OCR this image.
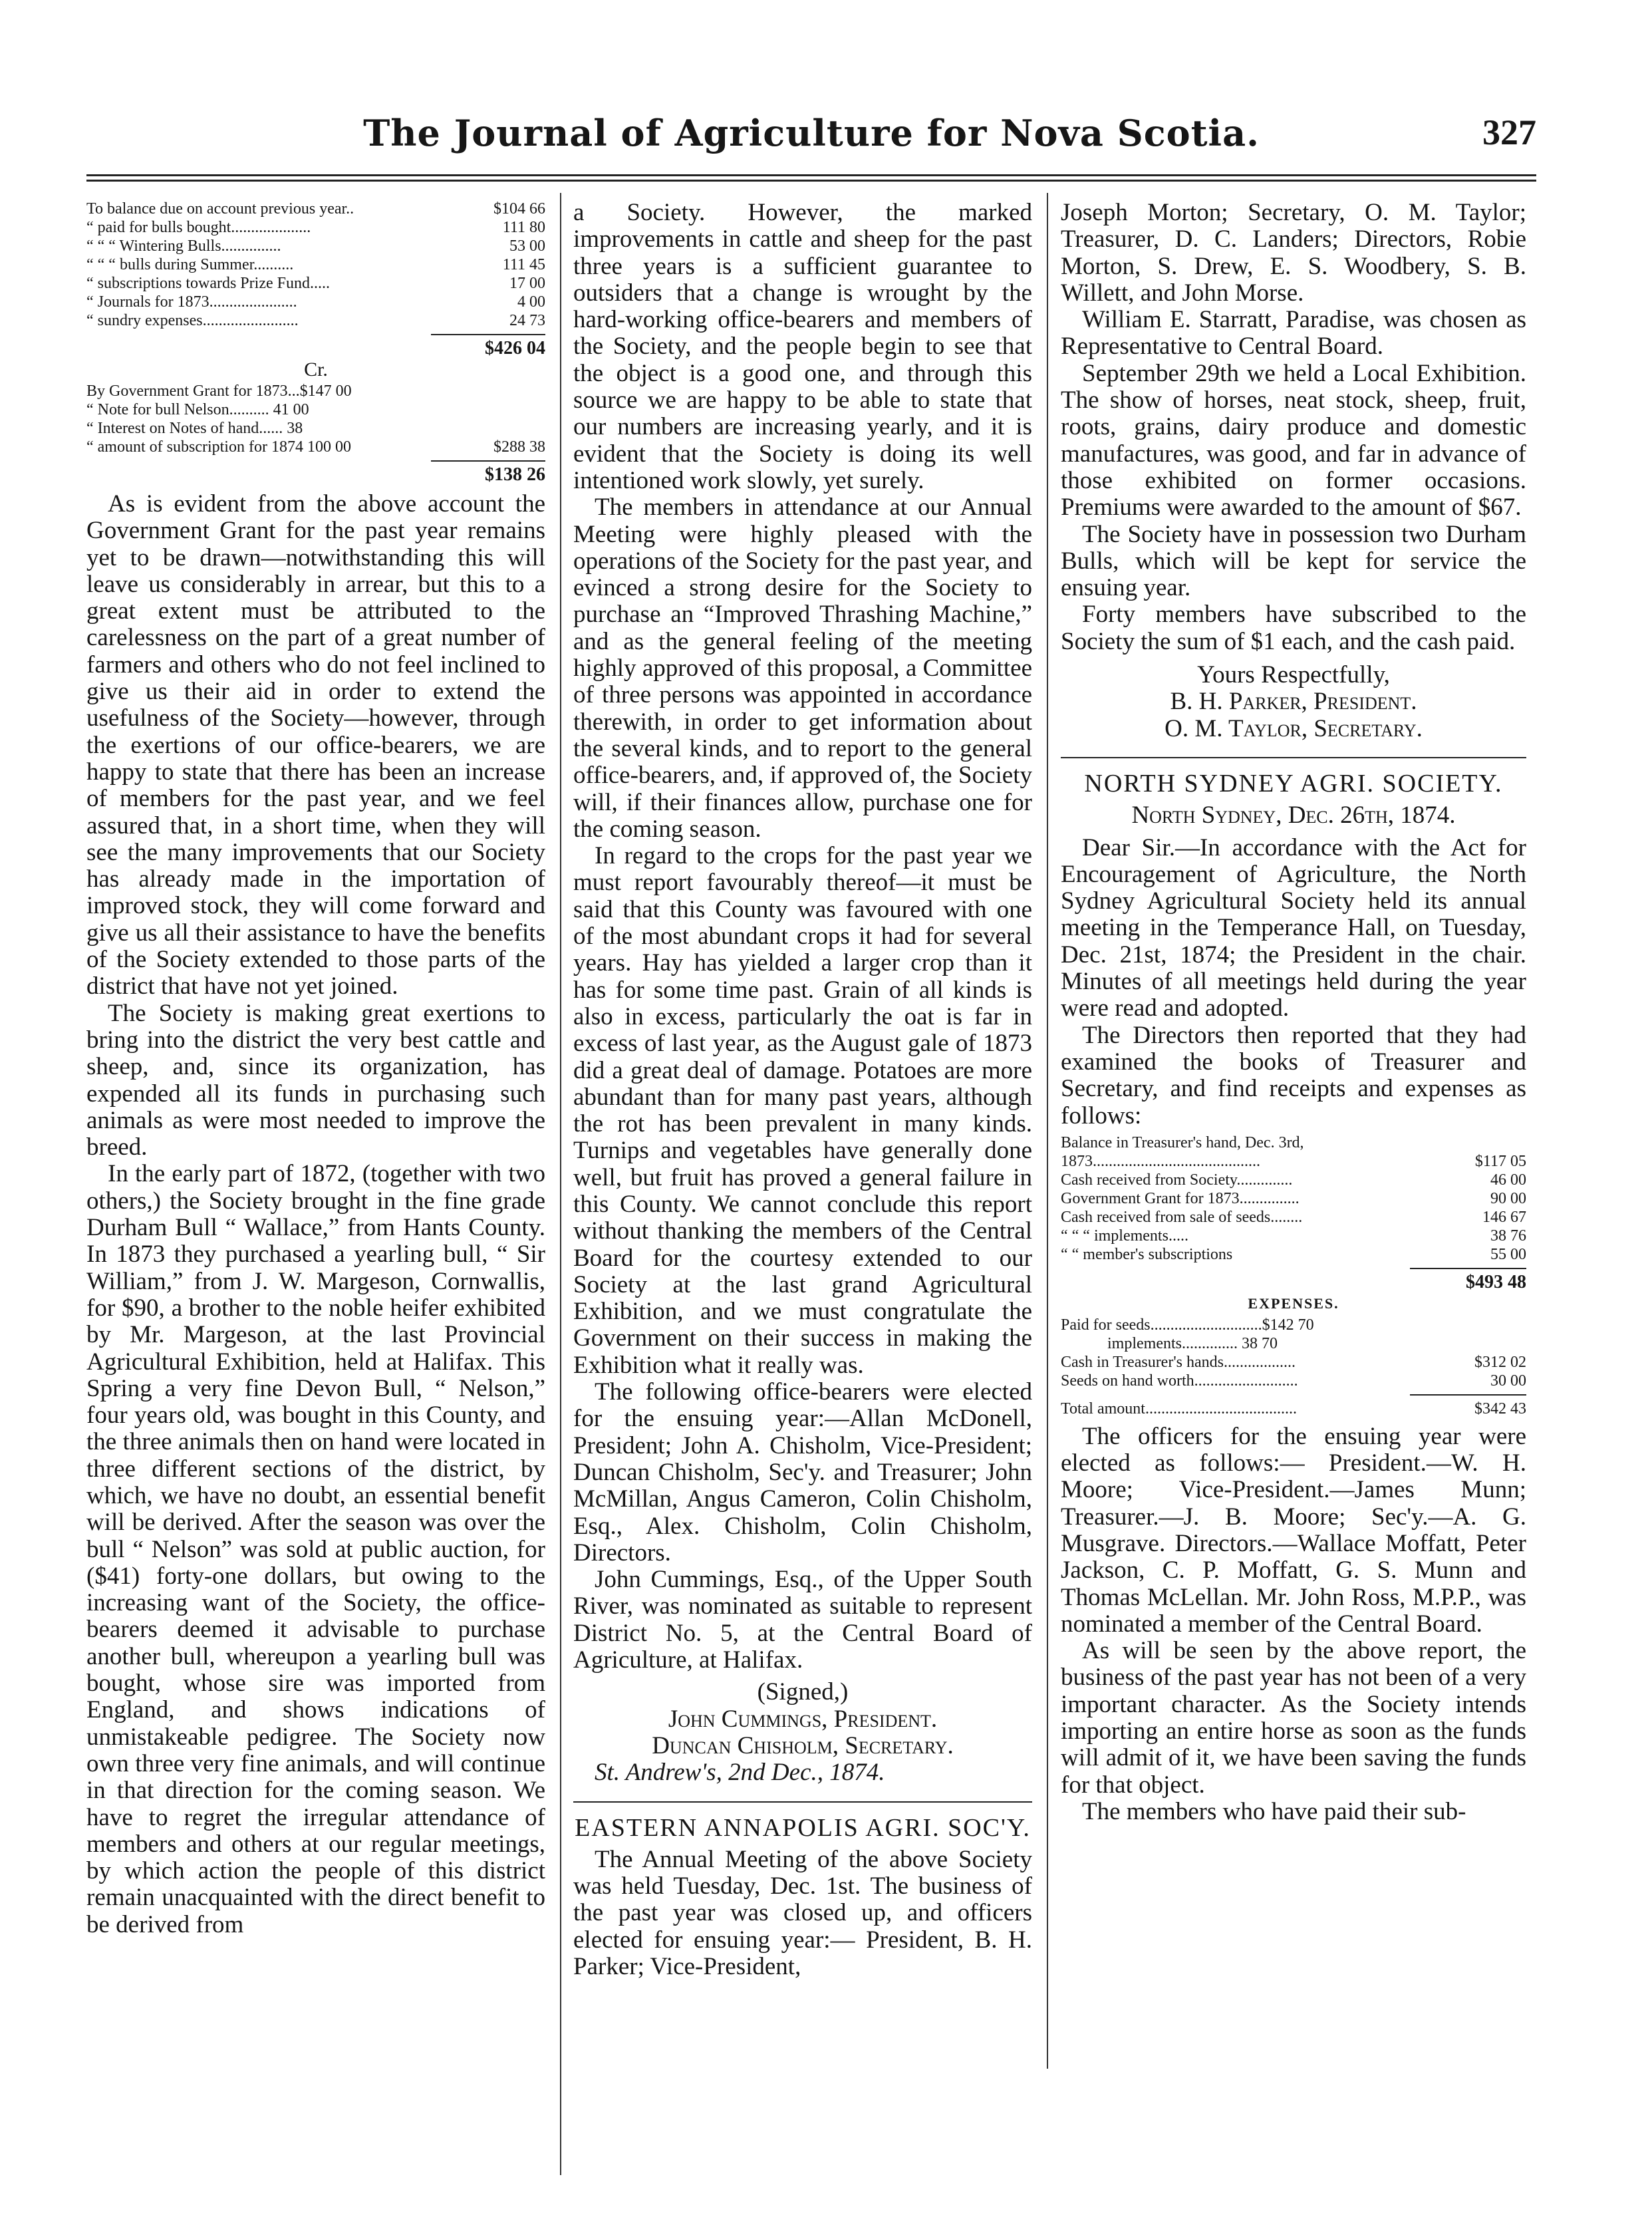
The Journal of Agriculture for Nova Scotia.	327
To balance due on account previous year..	$104 66
“ paid for bulls bought....................	111 80
“ “ “ Wintering Bulls...............	53 00
“ “ “ bulls during Summer..........	111 45
“ subscriptions towards Prize Fund.....	17 00
“ Journals for 1873......................	4 00
“ sundry expenses........................	24 73
$426 04
Cr.
By Government Grant for 1873...$147 00
“ Note for bull Nelson.......... 41 00
“ Interest on Notes of hand...... 38
“ amount of subscription for 1874 100 00	$288 38
$138 26

As is evident from the above account the Government Grant for the past year remains yet to be drawn—notwithstanding this will leave us considerably in arrear, but this to a great extent must be attributed to the carelessness on the part of a great number of farmers and others who do not feel inclined to give us their aid in order to extend the usefulness of the Society—however, through the exertions of our office-bearers, we are happy to state that there has been an increase of members for the past year, and we feel assured that, in a short time, when they will see the many improvements that our Society has already made in the importation of improved stock, they will come forward and give us all their assistance to have the benefits of the Society extended to those parts of the district that have not yet joined.

The Society is making great exertions to bring into the district the very best cattle and sheep, and, since its organization, has expended all its funds in purchasing such animals as were most needed to improve the breed.

In the early part of 1872, (together with two others,) the Society brought in the fine grade Durham Bull “ Wallace,” from Hants County. In 1873 they purchased a yearling bull, “ Sir William,” from J. W. Margeson, Cornwallis, for $90, a brother to the noble heifer exhibited by Mr. Margeson, at the last Provincial Agricultural Exhibition, held at Halifax. This Spring a very fine Devon Bull, “ Nelson,” four years old, was bought in this County, and the three animals then on hand were located in three different sections of the district, by which, we have no doubt, an essential benefit will be derived. After the season was over the bull “ Nelson” was sold at public auction, for ($41) forty-one dollars, but owing to the increasing want of the Society, the office-bearers deemed it advisable to purchase another bull, whereupon a yearling bull was bought, whose sire was imported from England, and shows indications of unmistakeable pedigree. The Society now own three very fine animals, and will continue in that direction for the coming season. We have to regret the irregular attendance of members and others at our regular meetings, by which action the people of this district remain unacquainted with the direct benefit to be derived from

a Society. However, the marked improvements in cattle and sheep for the past three years is a sufficient guarantee to outsiders that a change is wrought by the hard-working office-bearers and members of the Society, and the people begin to see that the object is a good one, and through this source we are happy to be able to state that our numbers are increasing yearly, and it is evident that the Society is doing its well intentioned work slowly, yet surely.

The members in attendance at our Annual Meeting were highly pleased with the operations of the Society for the past year, and evinced a strong desire for the Society to purchase an “Improved Thrashing Machine,” and as the general feeling of the meeting highly approved of this proposal, a Committee of three persons was appointed in accordance therewith, in order to get information about the several kinds, and to report to the general office-bearers, and, if approved of, the Society will, if their finances allow, purchase one for the coming season.

In regard to the crops for the past year we must report favourably thereof—it must be said that this County was favoured with one of the most abundant crops it had for several years. Hay has yielded a larger crop than it has for some time past. Grain of all kinds is also in excess, particularly the oat is far in excess of last year, as the August gale of 1873 did a great deal of damage. Potatoes are more abundant than for many past years, although the rot has been prevalent in many kinds. Turnips and vegetables have generally done well, but fruit has proved a general failure in this County. We cannot conclude this report without thanking the members of the Central Board for the courtesy extended to our Society at the last grand Agricultural Exhibition, and we must congratulate the Government on their success in making the Exhibition what it really was.

The following office-bearers were elected for the ensuing year:—Allan McDonell, President; John A. Chisholm, Vice-President; Duncan Chisholm, Sec'y. and Treasurer; John McMillan, Angus Cameron, Colin Chisholm, Esq., Alex. Chisholm, Colin Chisholm, Directors.

John Cummings, Esq., of the Upper South River, was nominated as suitable to represent District No. 5, at the Central Board of Agriculture, at Halifax.

(Signed,)
John Cummings, President.
Duncan Chisholm, Secretary.
St. Andrew's, 2nd Dec., 1874.
EASTERN ANNAPOLIS AGRI. SOC'Y.

The Annual Meeting of the above Society was held Tuesday, Dec. 1st. The business of the past year was closed up, and officers elected for ensuing year:— President, B. H. Parker; Vice-President,

Joseph Morton; Secretary, O. M. Taylor; Treasurer, D. C. Landers; Directors, Robie Morton, S. Drew, E. S. Woodbery, S. B. Willett, and John Morse.

William E. Starratt, Paradise, was chosen as Representative to Central Board.

September 29th we held a Local Exhibition. The show of horses, neat stock, sheep, fruit, roots, grains, dairy produce and domestic manufactures, was good, and far in advance of those exhibited on former occasions. Premiums were awarded to the amount of $67.

The Society have in possession two Durham Bulls, which will be kept for service the ensuing year.

Forty members have subscribed to the Society the sum of $1 each, and the cash paid.

Yours Respectfully,
B. H. Parker, President.
O. M. Taylor, Secretary.
NORTH SYDNEY AGRI. SOCIETY.
North Sydney, Dec. 26th, 1874.

Dear Sir.—In accordance with the Act for Encouragement of Agriculture, the North Sydney Agricultural Society held its annual meeting in the Temperance Hall, on Tuesday, Dec. 21st, 1874; the President in the chair. Minutes of all meetings held during the year were read and adopted.

The Directors then reported that they had examined the books of Treasurer and Secretary, and find receipts and expenses as follows:

Balance in Treasurer's hand, Dec. 3rd,
1873..........................................	$117 05
Cash received from Society..............	46 00
Government Grant for 1873...............	90 00
Cash received from sale of seeds........	146 67
“ “ “ implements.....	38 76
“ “ member's subscriptions	55 00
$493 48
EXPENSES.
Paid for seeds............................$142 70
implements.............. 38 70
Cash in Treasurer's hands..................	$312 02
Seeds on hand worth..........................	30 00
Total amount......................................	$342 43

The officers for the ensuing year were elected as follows:— President.—W. H. Moore; Vice-President.—James Munn; Treasurer.—J. B. Moore; Sec'y.—A. G. Musgrave. Directors.—Wallace Moffatt, Peter Jackson, C. P. Moffatt, G. S. Munn and Thomas McLellan. Mr. John Ross, M.P.P., was nominated a member of the Central Board.

As will be seen by the above report, the business of the past year has not been of a very important character. As the Society intends importing an entire horse as soon as the funds will admit of it, we have been saving the funds for that object.

The members who have paid their sub-
